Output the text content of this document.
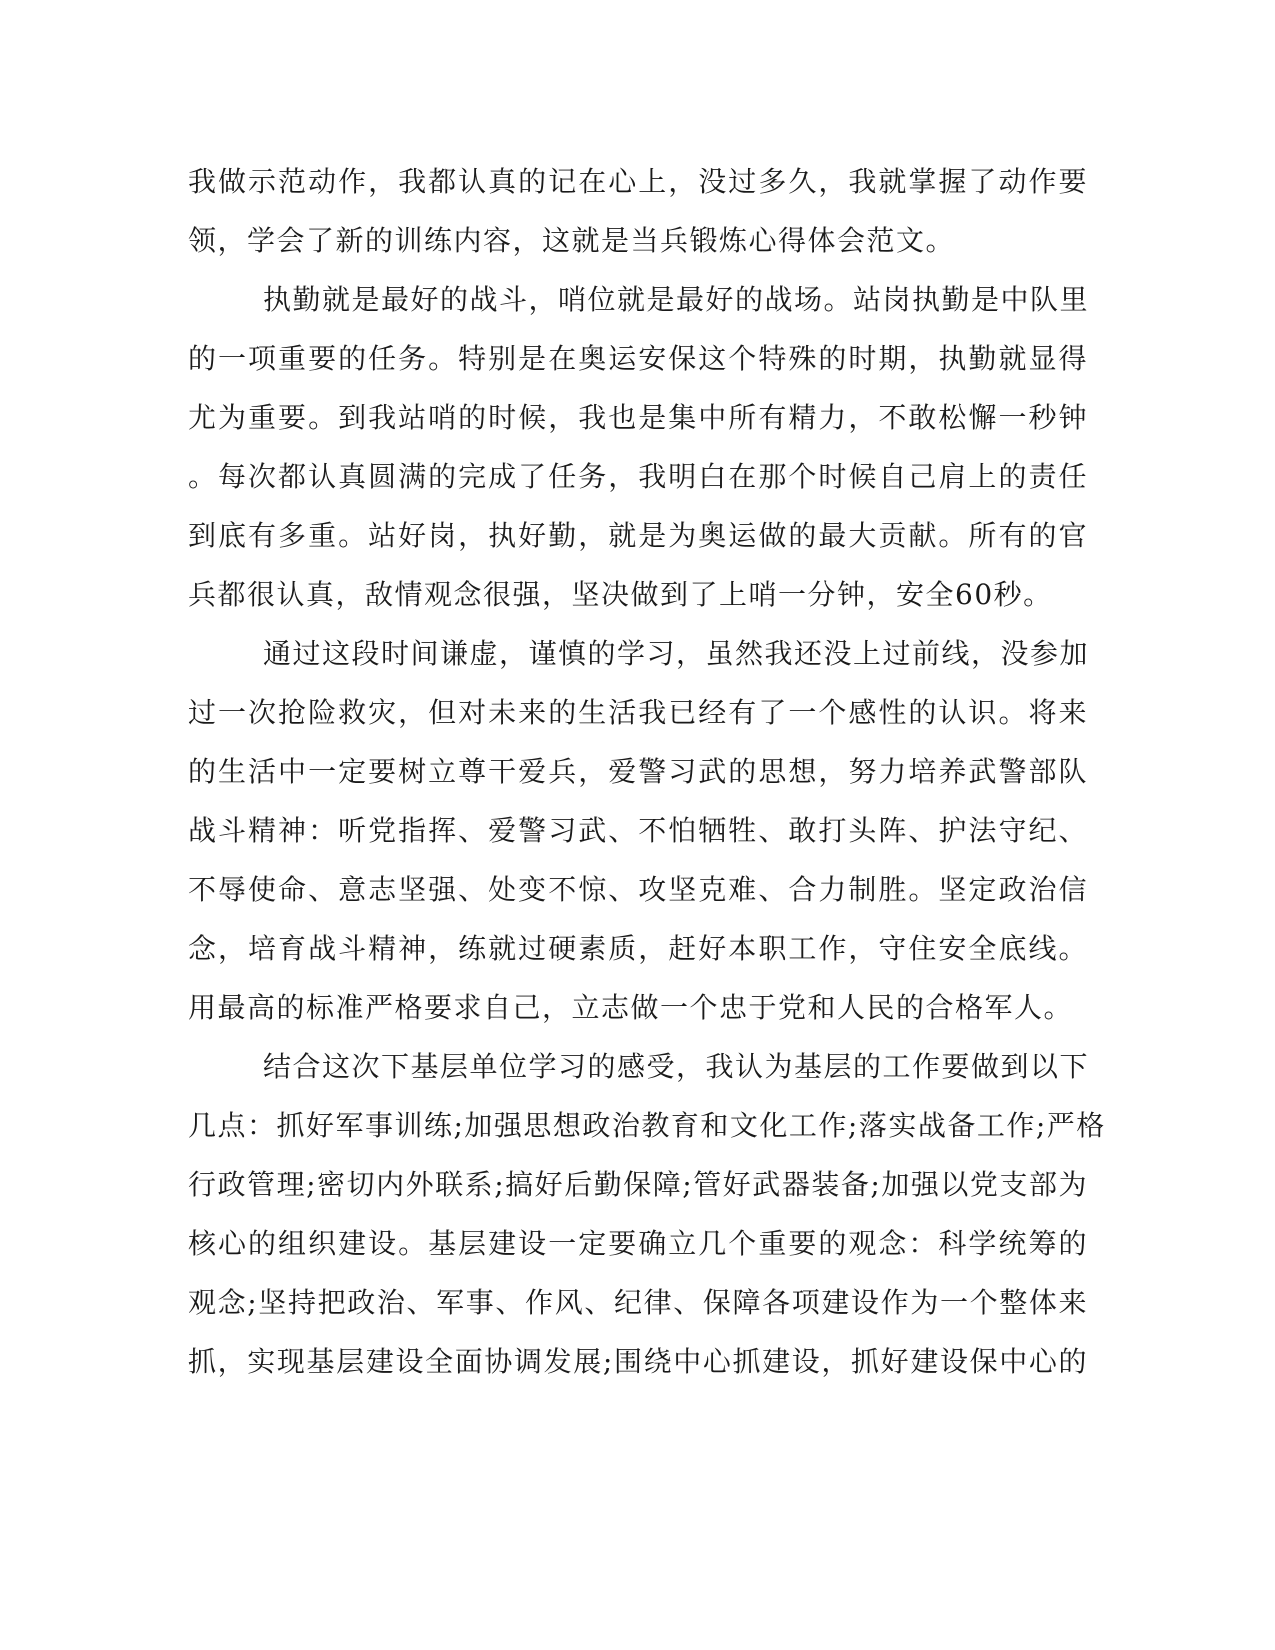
我做示范动作，我都认真的记在心上，没过多久，我就掌握了动作要
领，学会了新的训练内容，这就是当兵锻炼心得体会范文。
执勤就是最好的战斗，哨位就是最好的战场。站岗执勤是中队里
的一项重要的任务。特别是在奥运安保这个特殊的时期，执勤就显得
尤为重要。到我站哨的时候，我也是集中所有精力，不敢松懈一秒钟
。每次都认真圆满的完成了任务，我明白在那个时候自己肩上的责任
到底有多重。站好岗，执好勤，就是为奥运做的最大贡献。所有的官
兵都很认真，敌情观念很强，坚决做到了上哨一分钟，安全60秒。
通过这段时间谦虚，谨慎的学习，虽然我还没上过前线，没参加
过一次抢险救灾，但对未来的生活我已经有了一个感性的认识。将来
的生活中一定要树立尊干爱兵，爱警习武的思想，努力培养武警部队
战斗精神：听党指挥、爱警习武、不怕牺牲、敢打头阵、护法守纪、
不辱使命、意志坚强、处变不惊、攻坚克难、合力制胜。坚定政治信
念，培育战斗精神，练就过硬素质，赶好本职工作，守住安全底线。
用最高的标准严格要求自己，立志做一个忠于党和人民的合格军人。
结合这次下基层单位学习的感受，我认为基层的工作要做到以下
几点：抓好军事训练;加强思想政治教育和文化工作;落实战备工作;严格
行政管理;密切内外联系;搞好后勤保障;管好武器装备;加强以党支部为
核心的组织建设。基层建设一定要确立几个重要的观念：科学统筹的
观念;坚持把政治、军事、作风、纪律、保障各项建设作为一个整体来
抓，实现基层建设全面协调发展;围绕中心抓建设，抓好建设保中心的
